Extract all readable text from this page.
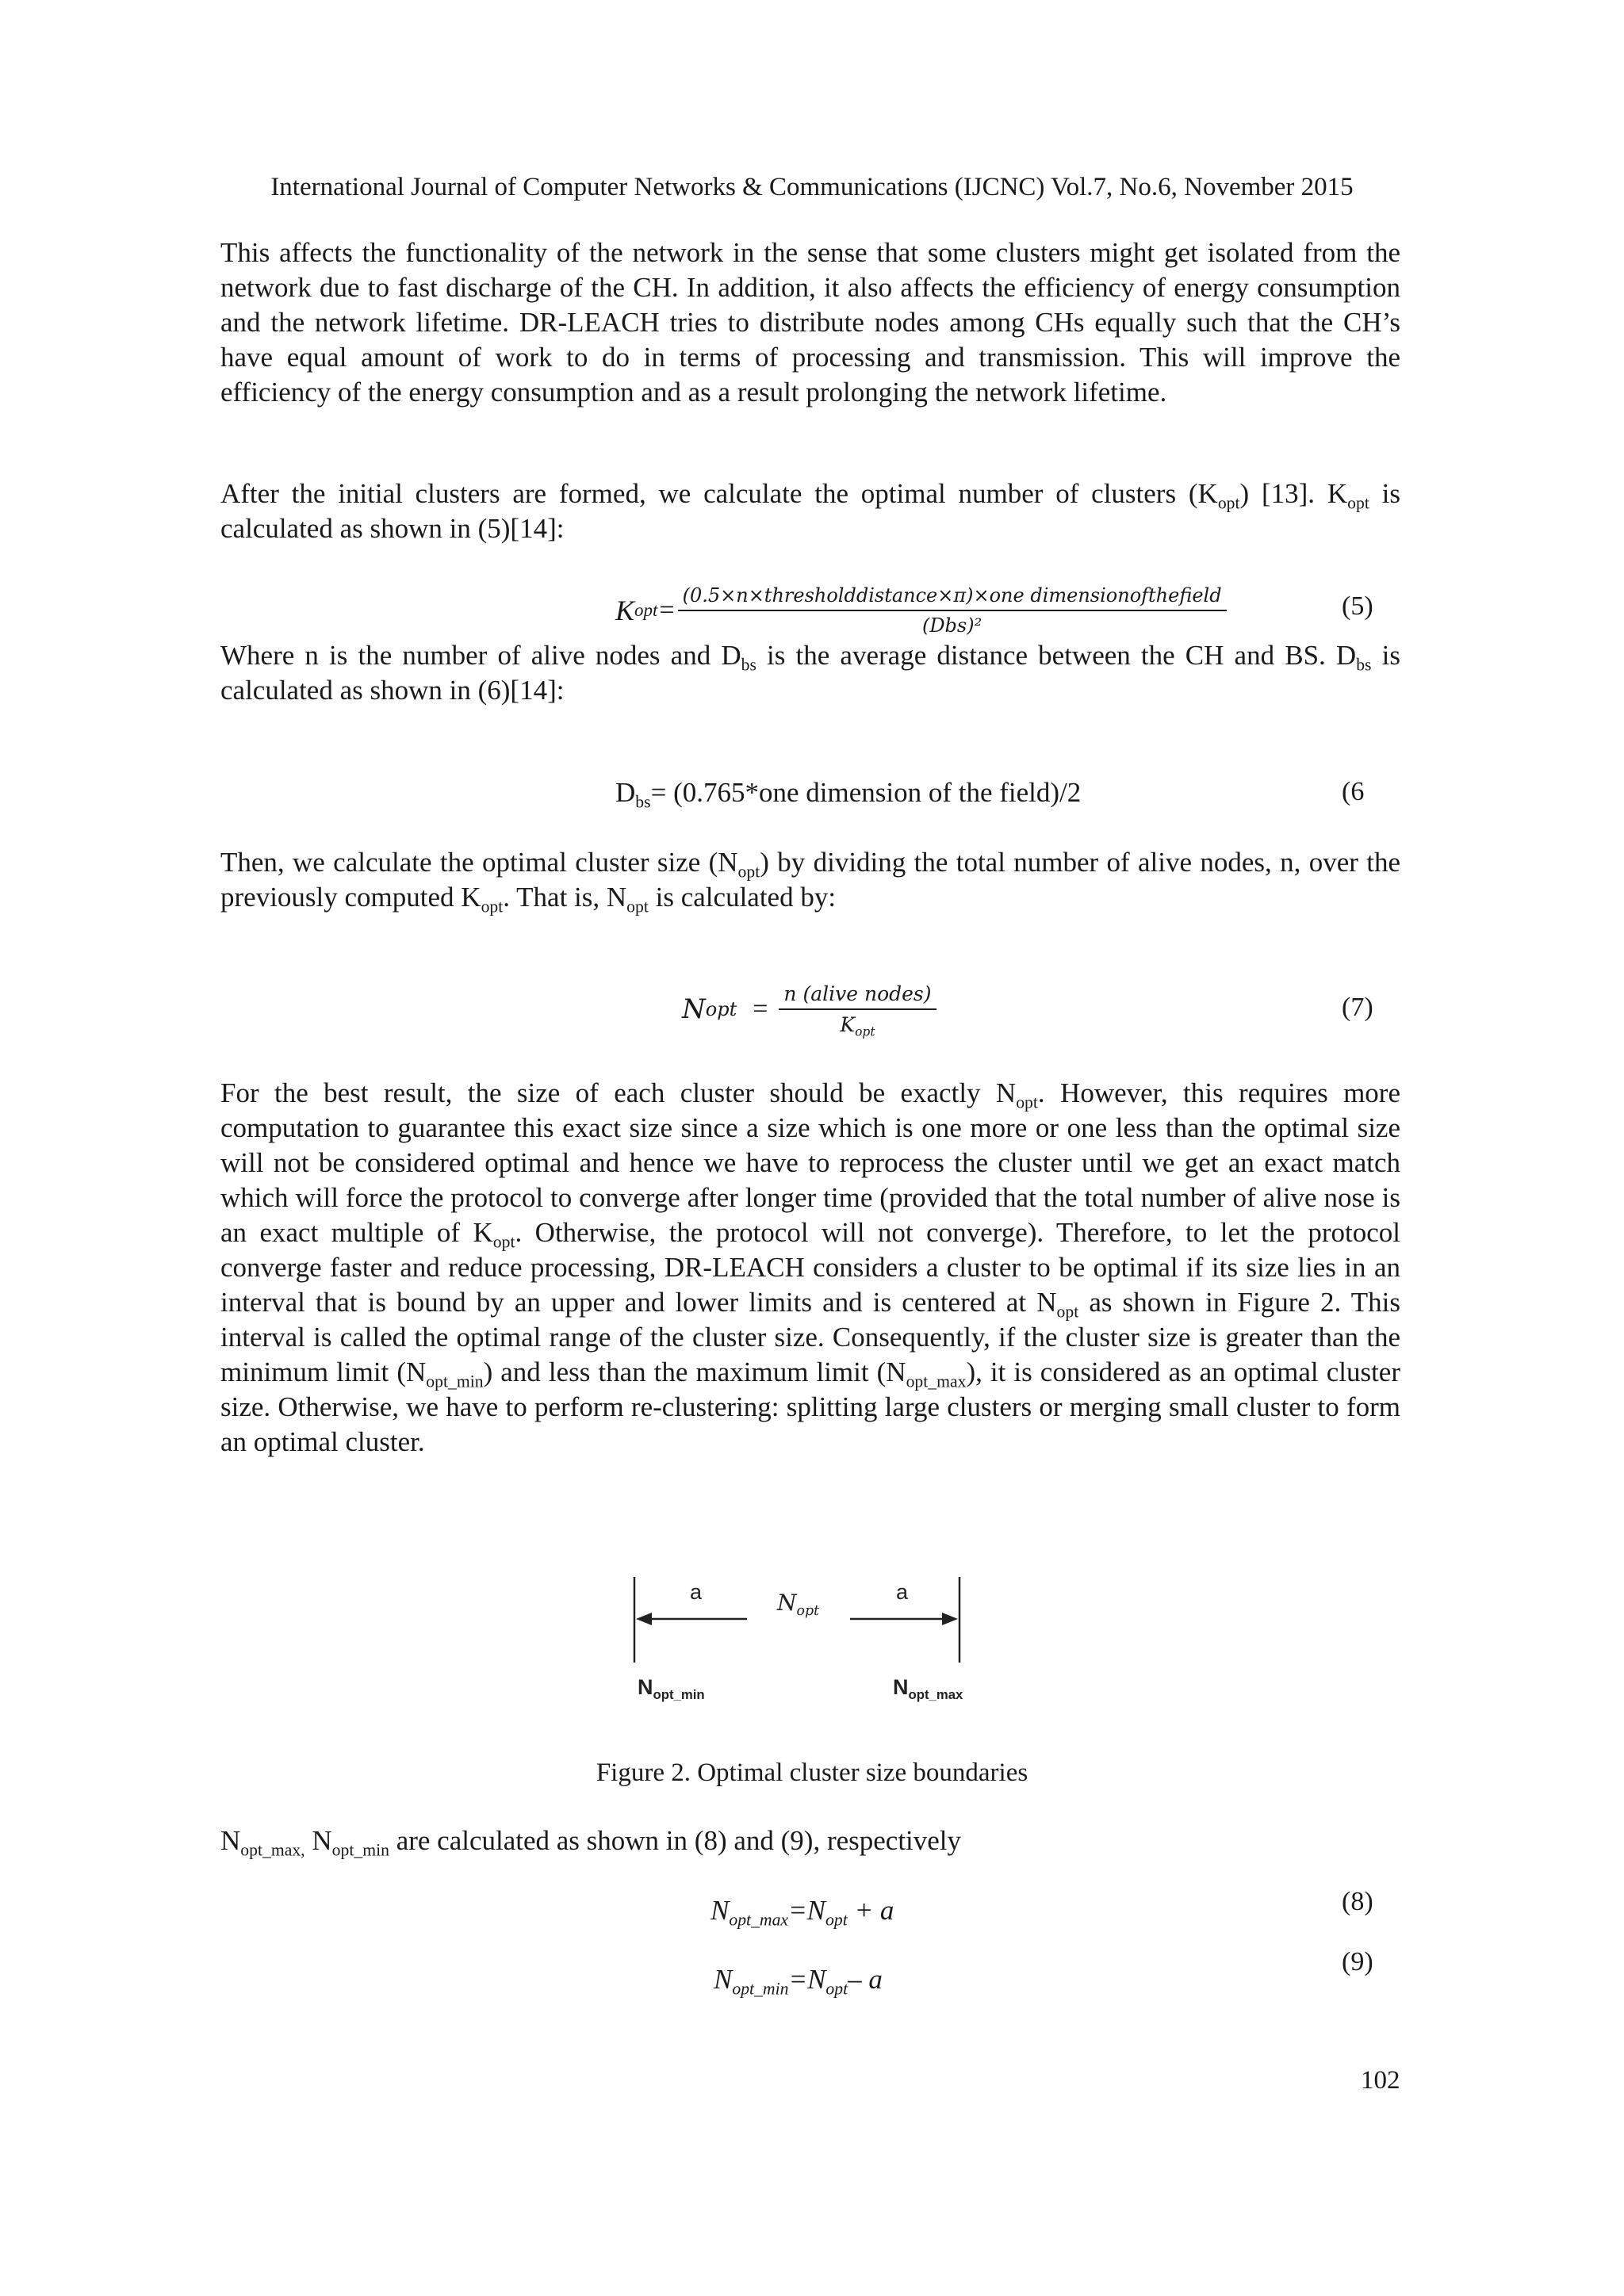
International Journal of Computer Networks & Communications (IJCNC) Vol.7, No.6, November 2015

This affects the functionality of the network in the sense that some clusters might get isolated from the network due to fast discharge of the CH. In addition, it also affects the efficiency of energy consumption and the network lifetime. DR-LEACH tries to distribute nodes among CHs equally such that the CH’s have equal amount of work to do in terms of processing and transmission. This will improve the efficiency of the energy consumption and as a result prolonging the network lifetime.

After the initial clusters are formed, we calculate the optimal number of clusters $(K_{opt})$ [13]. $K_{opt}$ is calculated as shown in (5)[14]:

K opt = $\frac{\text{(0.5×n×thresholddistance×π)×one dimensionofthefield}}{\text{(Dbs)²}}$	(5)

Where n is the number of alive nodes and $D_{bs}$ is the average distance between the CH and BS. $D_{bs}$ is calculated as shown in (6)[14]:

$D_{bs}= (0.765*one$ dimension of the field)/2	(6

Then, we calculate the optimal cluster size $(N_{opt})$ by dividing the total number of alive nodes, n, over the previously computed $K_{opt}$. That is, $N_{opt}$ is calculated by:

N opt = $\frac{\text{n (alive nodes)}}{K_{opt}}$	(7)

For the best result, the size of each cluster should be exactly $N_{opt}$. However, this requires more computation to guarantee this exact size since a size which is one more or one less than the optimal size will not be considered optimal and hence we have to reprocess the cluster until we get an exact match which will force the protocol to converge after longer time (provided that the total number of alive nose is an exact multiple of $K_{opt}$. Otherwise, the protocol will not converge). Therefore, to let the protocol converge faster and reduce processing, DR-LEACH considers a cluster to be optimal if its size lies in an interval that is bound by an upper and lower limits and is centered at $N_{opt}$ as shown in Figure 2. This interval is called the optimal range of the cluster size. Consequently, if the cluster size is greater than the minimum limit $(N_{opt\_min})$ and less than the maximum limit $(N_{opt\_max})$, it is considered as an optimal cluster size. Otherwise, we have to perform re-clustering: splitting large clusters or merging small cluster to form an optimal cluster.

a	a
$N_{opt}$
$N_{opt\_min}$	$N_{opt\_max}$
Figure 2. Optimal cluster size boundaries

$N_{opt\_max,}$ $N_{opt\_min}$ are calculated as shown in (8) and (9), respectively

$N_{opt\_max}=N_{opt} + a$	(8)
$N_{opt\_min}=N_{opt}-$ a
(9)
102
